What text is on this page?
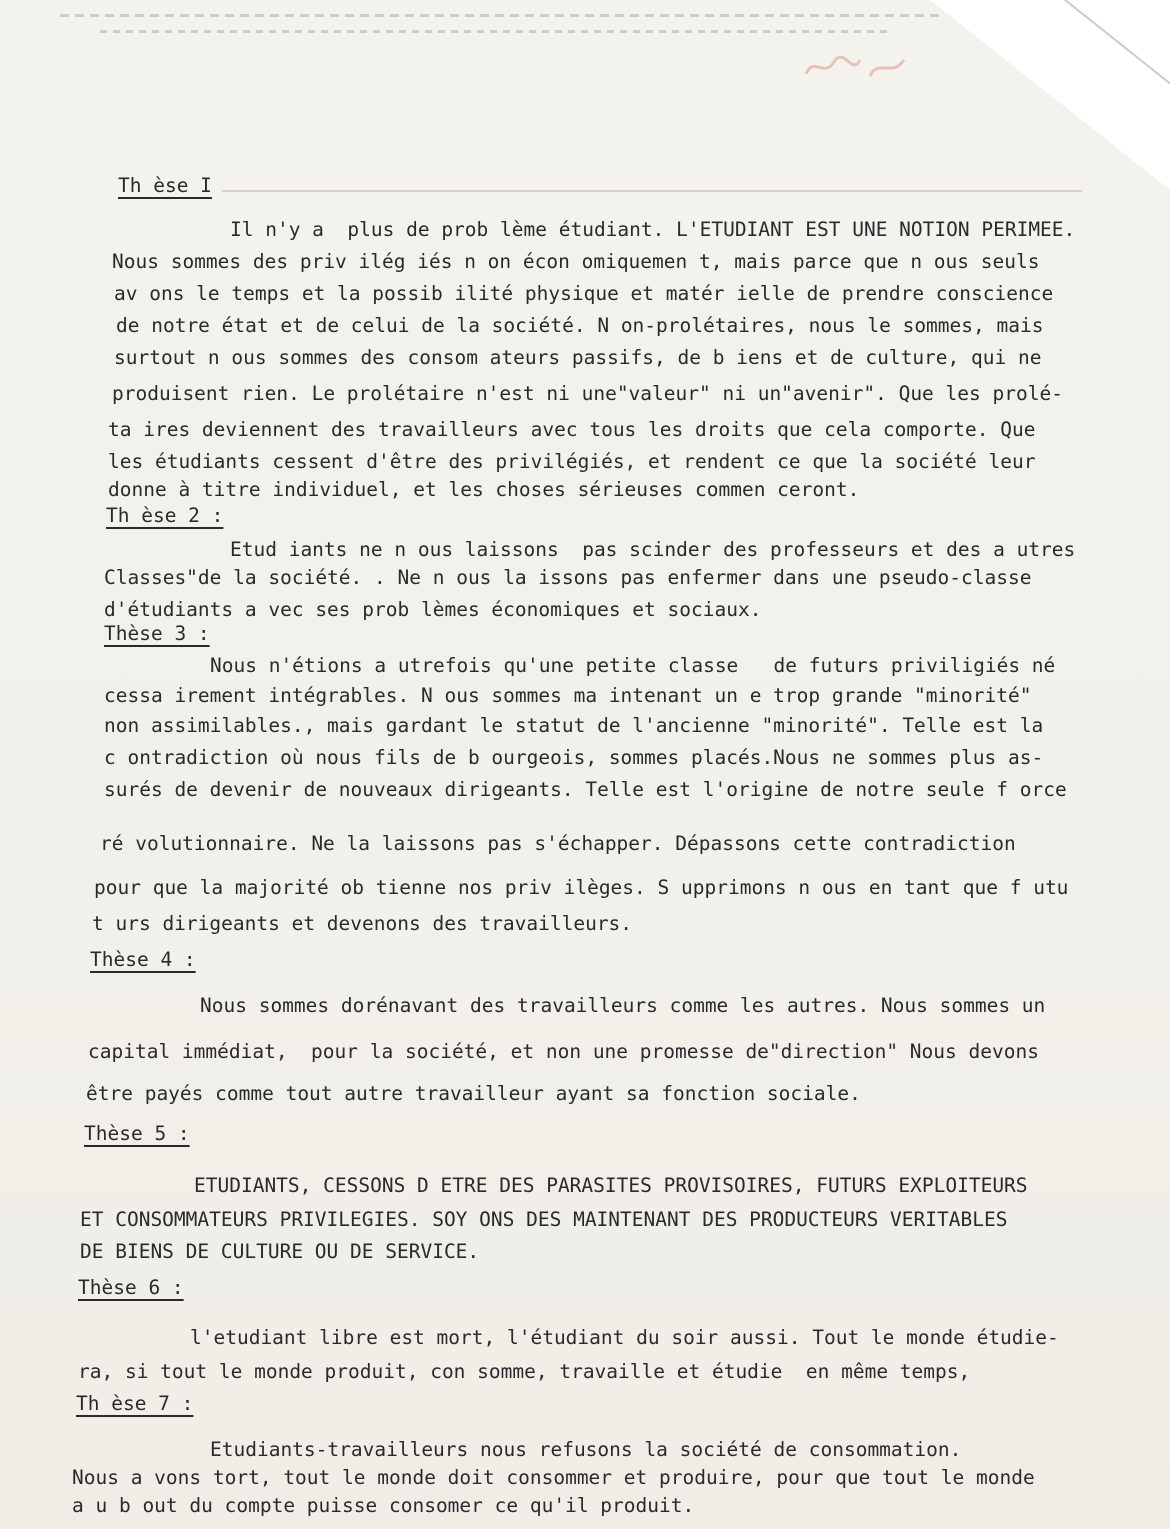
Th èse I

Il n'y a  plus de prob lème étudiant. L'ETUDIANT EST UNE NOTION PERIMEE.

Nous sommes des priv ilég iés n on écon omiquemen t, mais parce que n ous seuls

av ons le temps et la possib ilité physique et matér ielle de prendre conscience

de notre état et de celui de la société. N on-prolétaires, nous le sommes, mais

surtout n ous sommes des consom ateurs passifs, de b iens et de culture, qui ne

produisent rien. Le prolétaire n'est ni une"valeur" ni un"avenir". Que les prolé-

ta ires deviennent des travailleurs avec tous les droits que cela comporte. Que

les étudiants cessent d'être des privilégiés, et rendent ce que la société leur

donne à titre individuel, et les choses sérieuses commen ceront.

Th èse 2 :

Etud iants ne n ous laissons  pas scinder des professeurs et des a utres

Classes"de la société. . Ne n ous la issons pas enfermer dans une pseudo-classe

d'étudiants a vec ses prob lèmes économiques et sociaux.

Thèse 3 :

Nous n'étions a utrefois qu'une petite classe   de futurs priviligiés né

cessa irement intégrables. N ous sommes ma intenant un e trop grande "minorité"

non assimilables., mais gardant le statut de l'ancienne "minorité". Telle est la

c ontradiction où nous fils de b ourgeois, sommes placés.Nous ne sommes plus as-

surés de devenir de nouveaux dirigeants. Telle est l'origine de notre seule f orce

ré volutionnaire. Ne la laissons pas s'échapper. Dépassons cette contradiction

pour que la majorité ob tienne nos priv ilèges. S upprimons n ous en tant que f utu

t urs dirigeants et devenons des travailleurs.

Thèse 4 :

Nous sommes dorénavant des travailleurs comme les autres. Nous sommes un

capital immédiat,  pour la société, et non une promesse de"direction" Nous devons

être payés comme tout autre travailleur ayant sa fonction sociale.

Thèse 5 :

ETUDIANTS, CESSONS D ETRE DES PARASITES PROVISOIRES, FUTURS EXPLOITEURS

ET CONSOMMATEURS PRIVILEGIES. SOY ONS DES MAINTENANT DES PRODUCTEURS VERITABLES

DE BIENS DE CULTURE OU DE SERVICE.

Thèse 6 :

l'etudiant libre est mort, l'étudiant du soir aussi. Tout le monde étudie-

ra, si tout le monde produit, con somme, travaille et étudie  en même temps,

Th èse 7 :

Etudiants-travailleurs nous refusons la société de consommation.

Nous a vons tort, tout le monde doit consommer et produire, pour que tout le monde

a u b out du compte puisse consomer ce qu'il produit.
